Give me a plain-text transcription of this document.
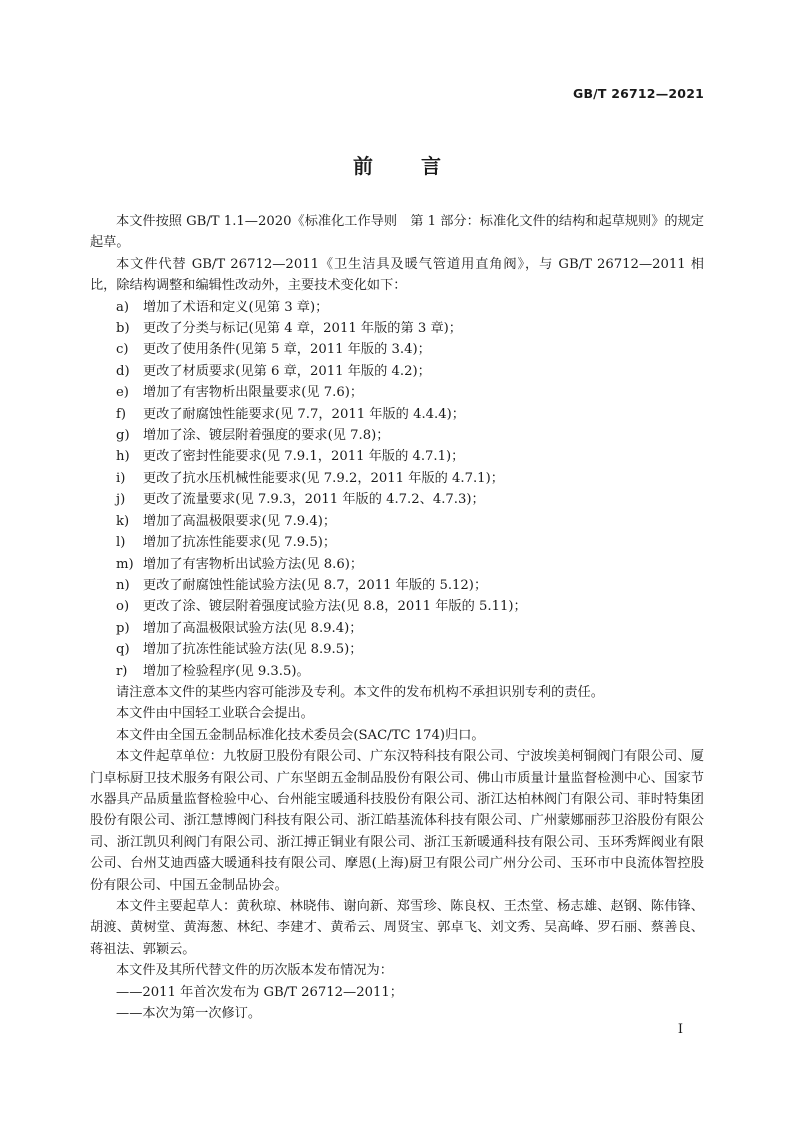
GB/T 26712—2021
前 言

本文件按照 GB/T 1.1—2020《标准化工作导则　第 1 部分：标准化文件的结构和起草规则》的规定起草。

本文件代替 GB/T 26712—2011《卫生洁具及暖气管道用直角阀》，与 GB/T 26712—2011 相比，除结构调整和编辑性改动外，主要技术变化如下：

a) 增加了术语和定义(见第 3 章)；
b) 更改了分类与标记(见第 4 章，2011 年版的第 3 章)；
c) 更改了使用条件(见第 5 章，2011 年版的 3.4)；
d) 更改了材质要求(见第 6 章，2011 年版的 4.2)；
e) 增加了有害物析出限量要求(见 7.6)；
f) 更改了耐腐蚀性能要求(见 7.7，2011 年版的 4.4.4)；
g) 增加了涂、镀层附着强度的要求(见 7.8)；
h) 更改了密封性能要求(见 7.9.1，2011 年版的 4.7.1)；
i) 更改了抗水压机械性能要求(见 7.9.2，2011 年版的 4.7.1)；
j) 更改了流量要求(见 7.9.3，2011 年版的 4.7.2、4.7.3)；
k) 增加了高温极限要求(见 7.9.4)；
l) 增加了抗冻性能要求(见 7.9.5)；
m) 增加了有害物析出试验方法(见 8.6)；
n) 更改了耐腐蚀性能试验方法(见 8.7，2011 年版的 5.12)；
o) 更改了涂、镀层附着强度试验方法(见 8.8，2011 年版的 5.11)；
p) 增加了高温极限试验方法(见 8.9.4)；
q) 增加了抗冻性能试验方法(见 8.9.5)；
r) 增加了检验程序(见 9.3.5)。

请注意本文件的某些内容可能涉及专利。本文件的发布机构不承担识别专利的责任。

本文件由中国轻工业联合会提出。

本文件由全国五金制品标准化技术委员会(SAC/TC 174)归口。

本文件起草单位：九牧厨卫股份有限公司、广东汉特科技有限公司、宁波埃美柯铜阀门有限公司、厦门卓标厨卫技术服务有限公司、广东坚朗五金制品股份有限公司、佛山市质量计量监督检测中心、国家节水器具产品质量监督检验中心、台州能宝暖通科技股份有限公司、浙江达柏林阀门有限公司、菲时特集团股份有限公司、浙江慧博阀门科技有限公司、浙江皓基流体科技有限公司、广州蒙娜丽莎卫浴股份有限公司、浙江凯贝利阀门有限公司、浙江搏正铜业有限公司、浙江玉新暖通科技有限公司、玉环秀辉阀业有限公司、台州艾迪西盛大暖通科技有限公司、摩恩(上海)厨卫有限公司广州分公司、玉环市中良流体智控股份有限公司、中国五金制品协会。

本文件主要起草人：黄秋琼、林晓伟、谢向新、郑雪珍、陈良权、王杰堂、杨志雄、赵钢、陈伟锋、胡渡、黄树堂、黄海葱、林纪、李建才、黄希云、周贤宝、郭卓飞、刘文秀、吴高峰、罗石丽、蔡善良、蒋祖法、郭颖云。

本文件及其所代替文件的历次版本发布情况为：

——2011 年首次发布为 GB/T 26712—2011；
——本次为第一次修订。
I
